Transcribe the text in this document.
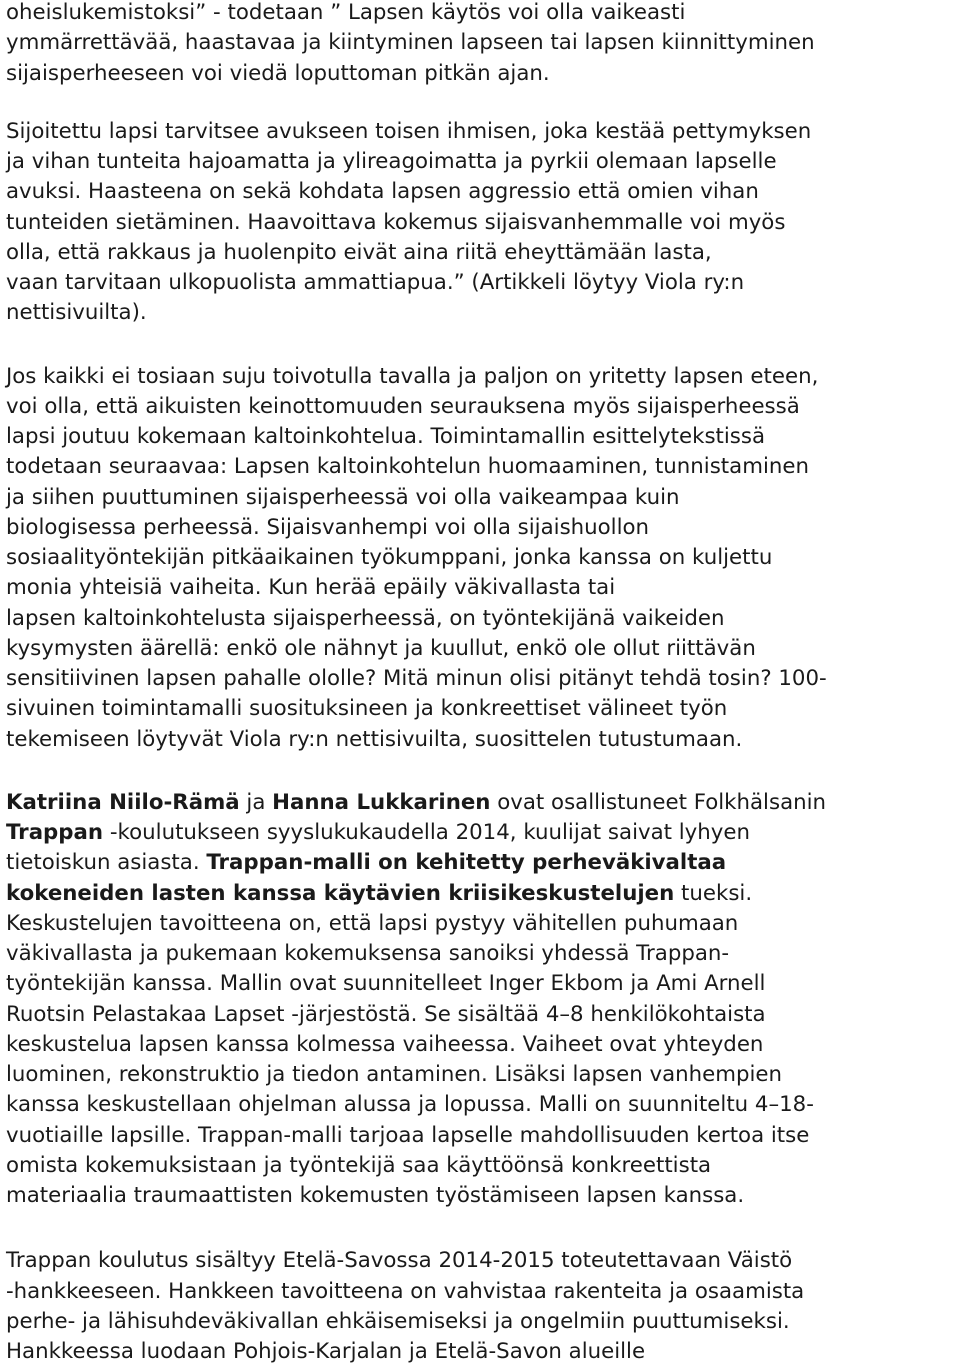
oheislukemistoksi” - todetaan ” Lapsen käytös voi olla vaikeasti
ymmärrettävää, haastavaa ja kiintyminen lapseen tai lapsen kiinnittyminen
sijaisperheeseen voi viedä loputtoman pitkän ajan.
Sijoitettu lapsi tarvitsee avukseen toisen ihmisen, joka kestää pettymyksen
ja vihan tunteita hajoamatta ja ylireagoimatta ja pyrkii olemaan lapselle
avuksi. Haasteena on sekä kohdata lapsen aggressio että omien vihan
tunteiden sietäminen. Haavoittava kokemus sijaisvanhemmalle voi myös
olla, että rakkaus ja huolenpito eivät aina riitä eheyttämään lasta,
vaan tarvitaan ulkopuolista ammattiapua.” (Artikkeli löytyy Viola ry:n
nettisivuilta).
Jos kaikki ei tosiaan suju toivotulla tavalla ja paljon on yritetty lapsen eteen,
voi olla, että aikuisten keinottomuuden seurauksena myös sijaisperheessä
lapsi joutuu kokemaan kaltoinkohtelua. Toimintamallin esittelytekstissä
todetaan seuraavaa: Lapsen kaltoinkohtelun huomaaminen, tunnistaminen
ja siihen puuttuminen sijaisperheessä voi olla vaikeampaa kuin
biologisessa perheessä. Sijaisvanhempi voi olla sijaishuollon
sosiaalityöntekijän pitkäaikainen työkumppani, jonka kanssa on kuljettu
monia yhteisiä vaiheita. Kun herää epäily väkivallasta tai
lapsen kaltoinkohtelusta sijaisperheessä, on työntekijänä vaikeiden
kysymysten äärellä: enkö ole nähnyt ja kuullut, enkö ole ollut riittävän
sensitiivinen lapsen pahalle ololle? Mitä minun olisi pitänyt tehdä tosin? 100-
sivuinen toimintamalli suosituksineen ja konkreettiset välineet työn
tekemiseen löytyvät Viola ry:n nettisivuilta, suosittelen tutustumaan.
Katriina Niilo-Rämä ja Hanna Lukkarinen ovat osallistuneet Folkhälsanin
Trappan -koulutukseen syyslukukaudella 2014, kuulijat saivat lyhyen
tietoiskun asiasta. Trappan-malli on kehitetty perheväkivaltaa
kokeneiden lasten kanssa käytävien kriisikeskustelujen tueksi.
Keskustelujen tavoitteena on, että lapsi pystyy vähitellen puhumaan
väkivallasta ja pukemaan kokemuksensa sanoiksi yhdessä Trappan-
työntekijän kanssa. Mallin ovat suunnitelleet Inger Ekbom ja Ami Arnell
Ruotsin Pelastakaa Lapset -järjestöstä. Se sisältää 4–8 henkilökohtaista
keskustelua lapsen kanssa kolmessa vaiheessa. Vaiheet ovat yhteyden
luominen, rekonstruktio ja tiedon antaminen. Lisäksi lapsen vanhempien
kanssa keskustellaan ohjelman alussa ja lopussa. Malli on suunniteltu 4–18-
vuotiaille lapsille. Trappan-malli tarjoaa lapselle mahdollisuuden kertoa itse
omista kokemuksistaan ja työntekijä saa käyttöönsä konkreettista
materiaalia traumaattisten kokemusten työstämiseen lapsen kanssa.
Trappan koulutus sisältyy Etelä-Savossa 2014-2015 toteutettavaan Väistö
-hankkeeseen. Hankkeen tavoitteena on vahvistaa rakenteita ja osaamista
perhe- ja lähisuhdeväkivallan ehkäisemiseksi ja ongelmiin puuttumiseksi.
Hankkeessa luodaan Pohjois-Karjalan ja Etelä-Savon alueille
